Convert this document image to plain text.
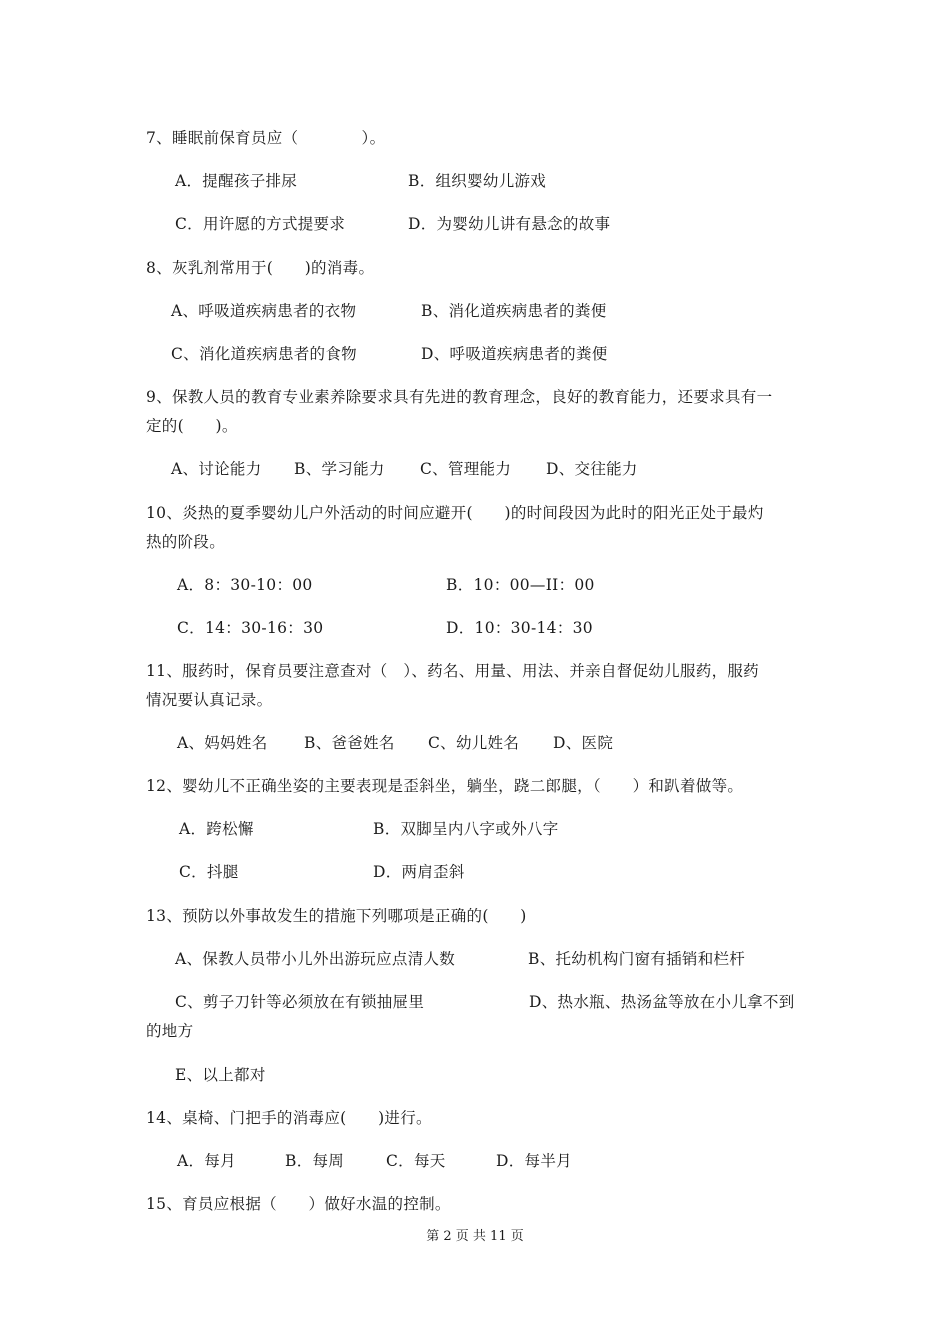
7、睡眠前保育员应（　　　　）。
A．提醒孩子排尿	B．组织婴幼儿游戏
C．用许愿的方式提要求	D．为婴幼儿讲有悬念的故事
8、灰乳剂常用于(　　)的消毒。
A、呼吸道疾病患者的衣物	B、消化道疾病患者的粪便
C、消化道疾病患者的食物	D、呼吸道疾病患者的粪便
9、保教人员的教育专业素养除要求具有先进的教育理念，良好的教育能力，还要求具有一
定的(　　)。
A、讨论能力 B、学习能力 C、管理能力 D、交往能力
10、炎热的夏季婴幼儿户外活动的时间应避开(　　)的时间段因为此时的阳光正处于最灼
热的阶段。
A．8：30-10：00	B．10：00—II：00
C．14：30-16：30	D．10：30-14：30
11、服药时，保育员要注意查对（　）、药名、用量、用法、并亲自督促幼儿服药，服药
情况要认真记录。
A、妈妈姓名 B、爸爸姓名 C、幼儿姓名 D、医院
12、婴幼儿不正确坐姿的主要表现是歪斜坐，躺坐，跷二郎腿，（　　）和趴着做等。
A．跨松懈	B．双脚呈内八字或外八字
C．抖腿	D．两肩歪斜
13、预防以外事故发生的措施下列哪项是正确的(　　)
A、保教人员带小儿外出游玩应点清人数	B、托幼机构门窗有插销和栏杆
C、剪子刀针等必须放在有锁抽屉里	D、热水瓶、热汤盆等放在小儿拿不到
的地方
E、以上都对
14、桌椅、门把手的消毒应(　　)进行。
A．每月	B．每周	C．每天	D．每半月
15、育员应根据（　　）做好水温的控制。
第 2 页 共 11 页
